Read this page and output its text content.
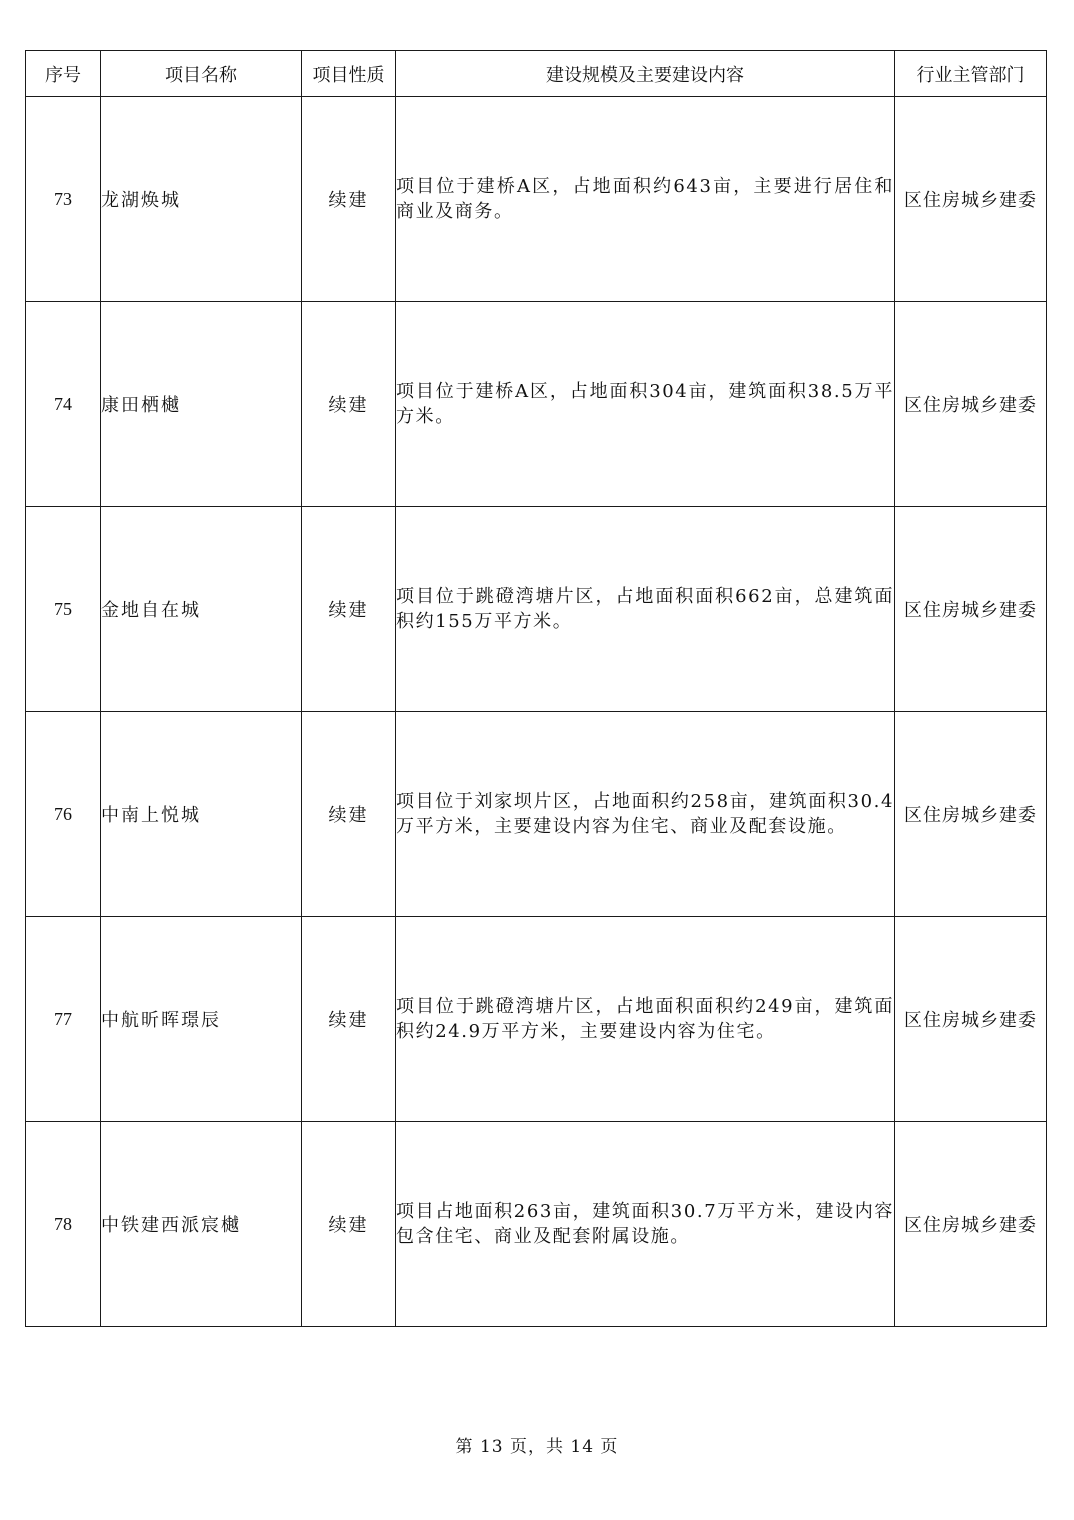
序号	项目名称	项目性质	建设规模及主要建设内容	行业主管部门
73	龙湖焕城	续建	项目位于建桥A区，占地面积约643亩，主要进行居住和商业及商务。	区住房城乡建委
74	康田栖樾	续建	项目位于建桥A区，占地面积304亩，建筑面积38.5万平方米。	区住房城乡建委
75	金地自在城	续建	项目位于跳磴湾塘片区，占地面积面积662亩，总建筑面积约155万平方米。	区住房城乡建委
76	中南上悦城	续建	项目位于刘家坝片区，占地面积约258亩，建筑面积30.4万平方米，主要建设内容为住宅、商业及配套设施。	区住房城乡建委
77	中航昕晖璟辰	续建	项目位于跳磴湾塘片区，占地面积面积约249亩，建筑面积约24.9万平方米，主要建设内容为住宅。	区住房城乡建委
78	中铁建西派宸樾	续建	项目占地面积263亩，建筑面积30.7万平方米，建设内容包含住宅、商业及配套附属设施。	区住房城乡建委
第 13 页，共 14 页
